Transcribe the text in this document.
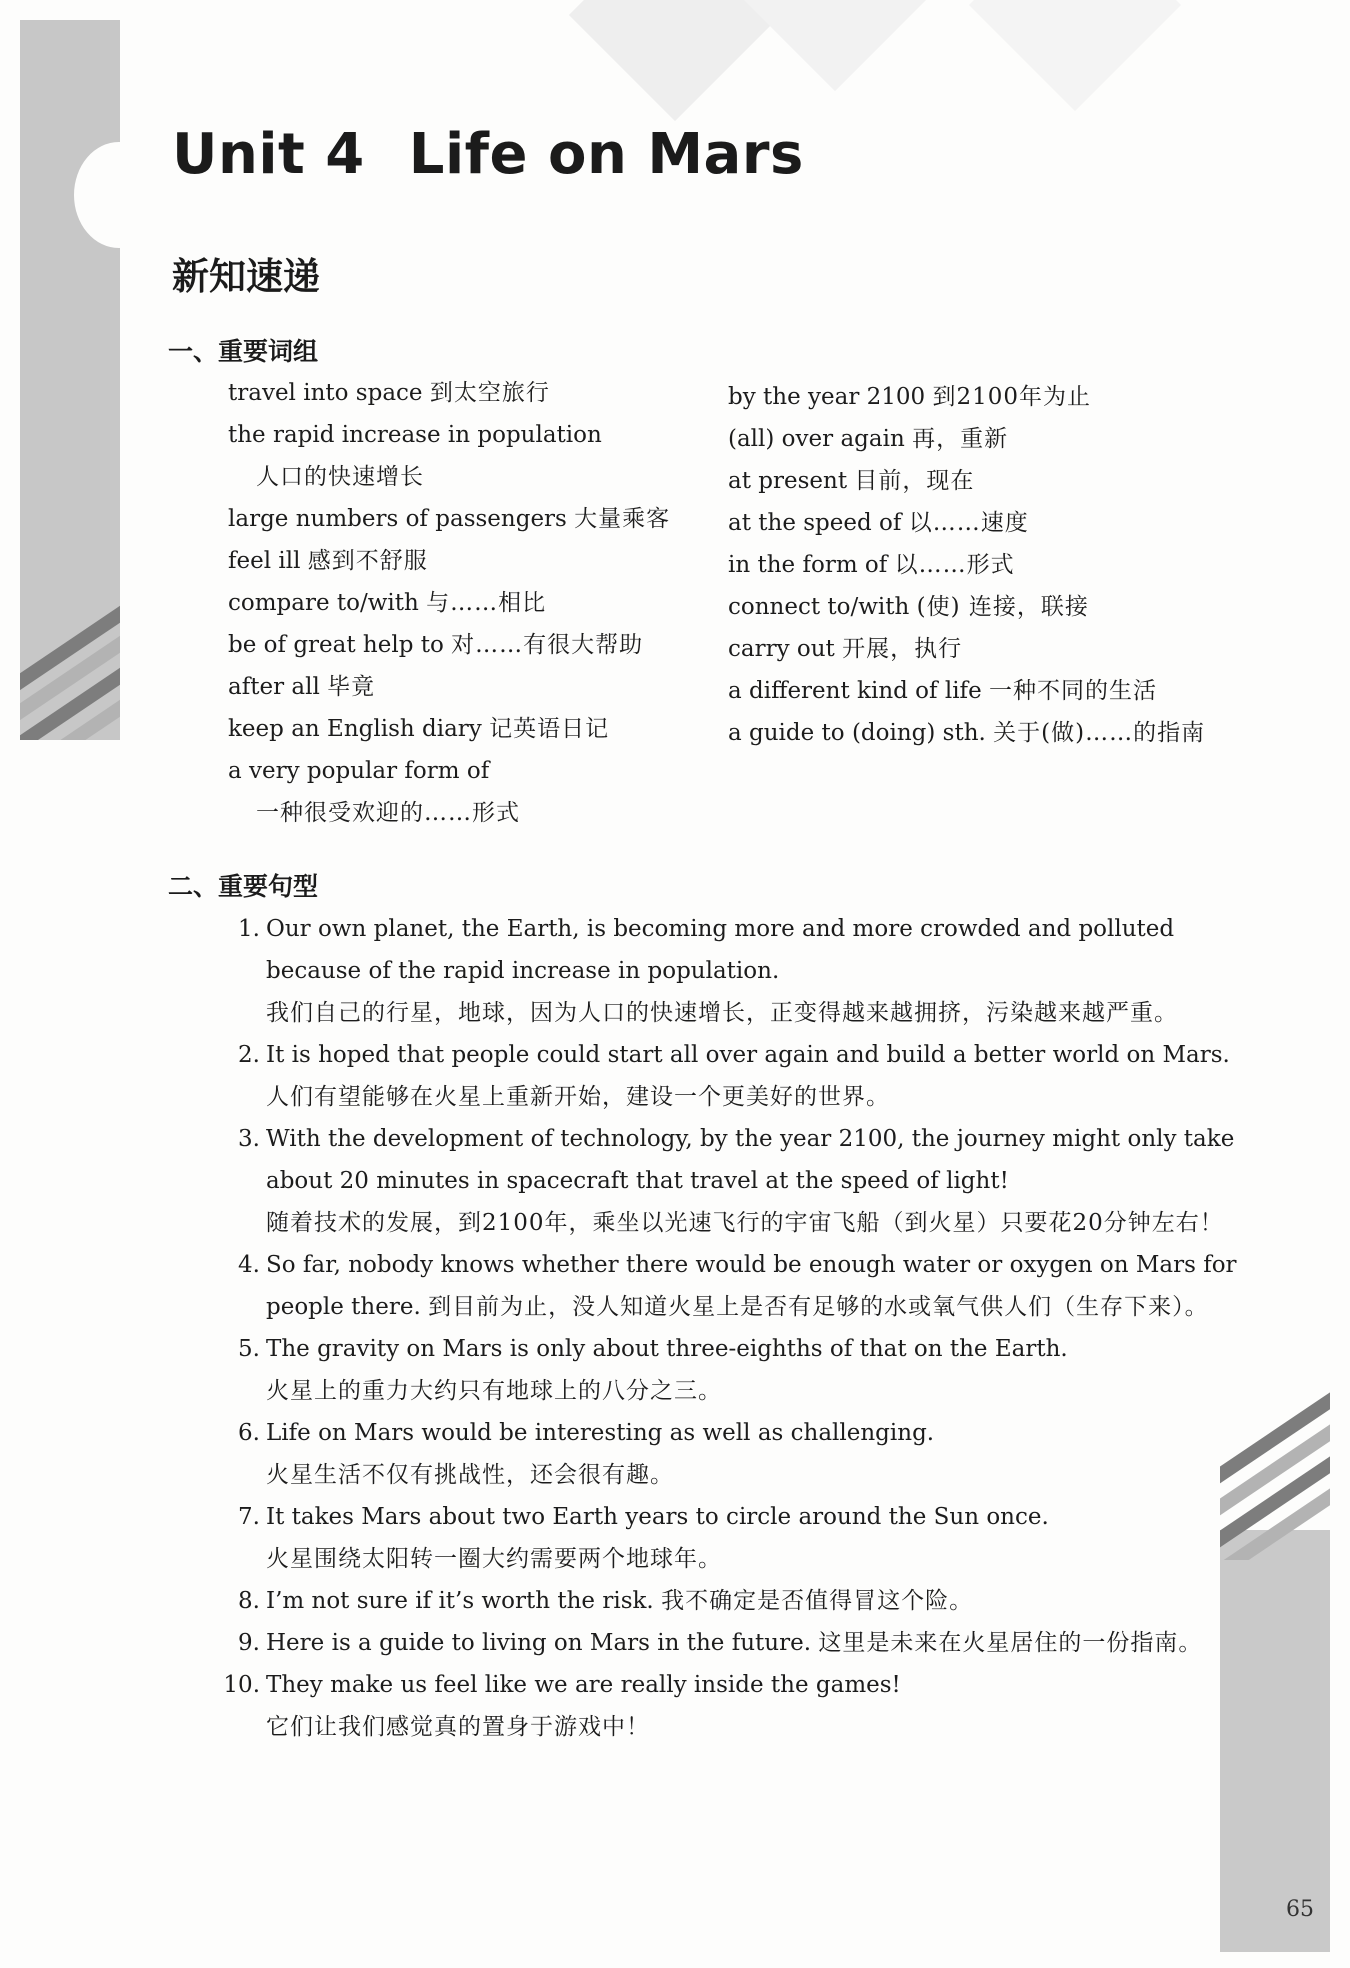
Unit 4 Life on Mars
新知速递
一、重要词组
travel into space 到太空旅行
the rapid increase in population
人口的快速增长
large numbers of passengers 大量乘客
feel ill 感到不舒服
compare to/with 与……相比
be of great help to 对……有很大帮助
after all 毕竟
keep an English diary 记英语日记
a very popular form of
一种很受欢迎的……形式
by the year 2100 到2100年为止
(all) over again 再，重新
at present 目前，现在
at the speed of 以……速度
in the form of 以……形式
connect to/with (使) 连接，联接
carry out 开展，执行
a different kind of life 一种不同的生活
a guide to (doing) sth. 关于(做)……的指南
二、重要句型
1. Our own planet, the Earth, is becoming more and more crowded and polluted because of the rapid increase in population.
我们自己的行星，地球，因为人口的快速增长，正变得越来越拥挤，污染越来越严重。
2. It is hoped that people could start all over again and build a better world on Mars.
人们有望能够在火星上重新开始，建设一个更美好的世界。
3. With the development of technology, by the year 2100, the journey might only take about 20 minutes in spacecraft that travel at the speed of light!
随着技术的发展，到2100年，乘坐以光速飞行的宇宙飞船（到火星）只要花20分钟左右！
4. So far, nobody knows whether there would be enough water or oxygen on Mars for people there. 到目前为止，没人知道火星上是否有足够的水或氧气供人们（生存下来）。
5. The gravity on Mars is only about three-eighths of that on the Earth.
火星上的重力大约只有地球上的八分之三。
6. Life on Mars would be interesting as well as challenging.
火星生活不仅有挑战性，还会很有趣。
7. It takes Mars about two Earth years to circle around the Sun once.
火星围绕太阳转一圈大约需要两个地球年。
8. I’m not sure if it’s worth the risk. 我不确定是否值得冒这个险。
9. Here is a guide to living on Mars in the future. 这里是未来在火星居住的一份指南。
10. They make us feel like we are really inside the games!
它们让我们感觉真的置身于游戏中！
65
